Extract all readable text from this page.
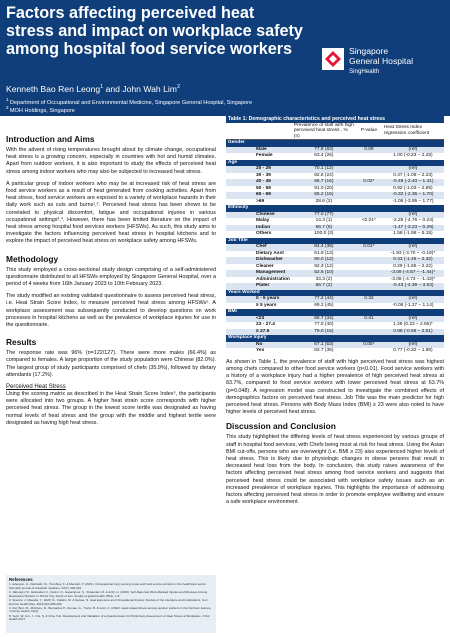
Factors affecting perceived heat stress and impact on workplace safety among hospital food service workers
Kenneth Bao Ren Leong$^1$ and John Wah Lim$^2$
$^1$ Department of Occupational and Environmental Medicine, Singapore General Hospital, Singapore
$^2$ MOH Holdings, Singapore
Singapore
General Hospital
SingHealth
Introduction and Aims

With the advent of rising temperatures brought about by climate change, occupational heat stress is a growing concern, especially in countries with hot and humid climates. Apart from outdoor workers, it is also important to study the effects of perceived heat stress among indoor workers who may also be subjected to increased heat stress.

A particular group of indoor workers who may be at increased risk of heat stress are food service workers as a result of heat generated from cooking activities. Apart from heat stress, food service workers are exposed to a variety of workplace hazards in their daily work such as cuts and burns¹,². Perceived heat stress has been shown to be correlated to physical discomfort, fatigue and occupational injuries in various occupational settings³,⁴. However, there has been limited literature on the impact of heat stress among hospital food services workers (HFSWs). As such, this study aims to investigate the factors influencing perceived heat stress in hospital kitchens and to explore the impact of perceived heat stress on workplace safety among HFSWs.

Methodology

This study employed a cross-sectional study design comprising of a self-administered questionnaire distributed to all HFSWs employed by Singapore General Hospital, over a period of 4 weeks from 16th January 2023 to 10th February 2023.

The study modified an existing validated questionnaire to assess perceived heat stress, i.e. Heat Strain Score Index, to measure perceived heat stress among HFSWs⁵. A workplace assessment was subsequently conducted to develop questions on work processes in hospital kitchens as well as the prevalence of workplace injuries for use in the questionnaire.

Results

The response rate was 96% (n=122/127). There were more males (66.4%) as compared to females. A large proportion of the study population were Chinese (82.0%). The largest group of study participants comprised of chefs (35.9%), followed by dietary attendants (17.2%).

Perceived Heat Stress

Using the scoring matrix as described in the Heat Strain Score Index⁵, the participants were allocated into two groups. A higher heat strain score corresponds with higher perceived heat stress. The group in the lowest score tertile was designated as having normal levels of heat stress and the group with the middle and highest tertile were designated as having high heat stress.

References
1. Adeogun, H., Darkwah, M., Trombley, K. & Mensah, P. (2021). Occupational injury among cooks and food service workers in the healthcare sector. Scientific journal of industrial medicine, 62(7), 609-616.
2. Jahangiri, M., Eskandari, F., Karimi, N., Hasanipour, S., Shakerian, M. & Azizi, H. (2019). Self-Reported Work-Related Injuries and Illnesses Among Restaurant Workers in Shiraz City, South of Iran. Annals of global health, 85(1), 1-8.
3. Spector, J. Masuda, Y., Wolff, N., Calkins, M. & Seixas, N. Heat Exposure and Occupational Injuries: Review of the Literature and Implications. Curr Environ Health Rep. 2019;6(4):286-296.
4. Dul, Borr, M., McIntyre, D., Bernardes P., Dumas, G., Trucci, B. & Ianni, A. (2022). Heat related illness among outdoor workers in the Northern Europe, J Occup Health, 64(1).
5. Yeoh, W. Lim, J., Ooi, S. & Chia, S.E. Development and Validation of a Questionnaire for Preliminary Assessment of Heat Stress at Workplace. J Occ Health 2017.
Table 1: Demographic characteristics and perceived heat stress			
	Prevalence of staff with high perceived heat stress , % (n)	P-value	Heat Stress Index regression coefficient
Gender			
Male	77.8 (63)	0.09	(ref)
Female	63.4 (26)		1.00 (-0.23 – 2.25)
Age			
20 - 29	70.1 (12)		(ref)
30 - 39	82.8 (24)		0.47 (-1.08 – 2.23)
40 - 49	66.7 (16)	0.02*	-0.49 (-2.40 – 1.41)
50 - 59	91.0 (20)		0.92 (-1.03 – 2.89)
60 - 69	65.2 (15)		-0.32 (-2.35 – 1.70)
>69	28.6 (2)		-1.06 (-3.95 – 1.77)
Ethnicity			
Chinese	77.0 (77)		(ref)
Malay	14.3 (1)	<0.01*	-2.26 (-4.76 – 0.24)
Indian	66.7 (8)		-1.47 (-3.23 – 0.29)
Others	100.0 (3)		1.58 (-1.98 – 5.15)
Job Title			
Chef	84.4 (38)	0.01*	(ref)
Dietary Asst	61.9 (13)		-1.93 (-3.70 – -0.19)*
Dishwasher	80.0 (12)		0.43 (-1.46 – 2.32)
Cleaner	92.3 (12)		0.29 (-1.65 – 2.22)
Management	52.6 (10)		-3.09 (-4.67 – -1.44)*
Administration	33.3 (2)		-3.08 (-4.73 – -1.43)*
Plater	66.7 (2)		-0.43 (-4.39 – 3.53)
Years Worked			
0 - 5 years	77.2 (44)	0.32	(ref)
≥ 5 years	69.2 (45)		-0.06 (-1.27 – 1.14)
BMI			
<23	66.7 (34)	0.41	(ref)
23 - 27.4	77.0 (40)		1.39 (0.23 – 2.55)*
≥ 27.5	79.0 (15)		0.98 (-0.56 – 2.51)
Workplace Injury			
No	67.1 (53)	0.05*	(ref)
Yes	83.7 (36)		0.77 (-0.32 – 1.86)

As shown in Table 1, the prevalence of staff with high perceived heat stress was highest among chefs compared to other food service workers (p<0.01). Food service workers with a history of a workplace injury had a higher prevalence of high perceived heat stress at 83.7%, compared to food service workers with lower perceived heat stress at 63.7% (p=0.048). A regression model was constructed to investigate the combined effects of demographics factors on perceived heat stress. Job Title was the main predictor for high perceived heat stress. Persons with Body Mass Index (BMI) ≥ 23 were also noted to have higher levels of perceived heat stress.

Discussion and Conclusion

This study highlighted the differing levels of heat stress experienced by various groups of staff in hospital food services, with Chefs being most at risk for heat stress. Using the Asian BMI cut-offs, persons who are overweight (i.e. BMI ≥ 23) also experienced higher levels of heat stress. This is likely due to physiologic changes in obese persons that result in decreased heat loss from the body. In conclusion, this study raises awareness of the factors affecting perceived heat stress among food service workers and suggests that perceived heat stress could be associated with workplace safety issues such as an increased prevalence of workplace injuries. This highlights the importance of addressing factors affecting perceived heat stress in order to promote employee wellbeing and ensure a safe workplace environment.
